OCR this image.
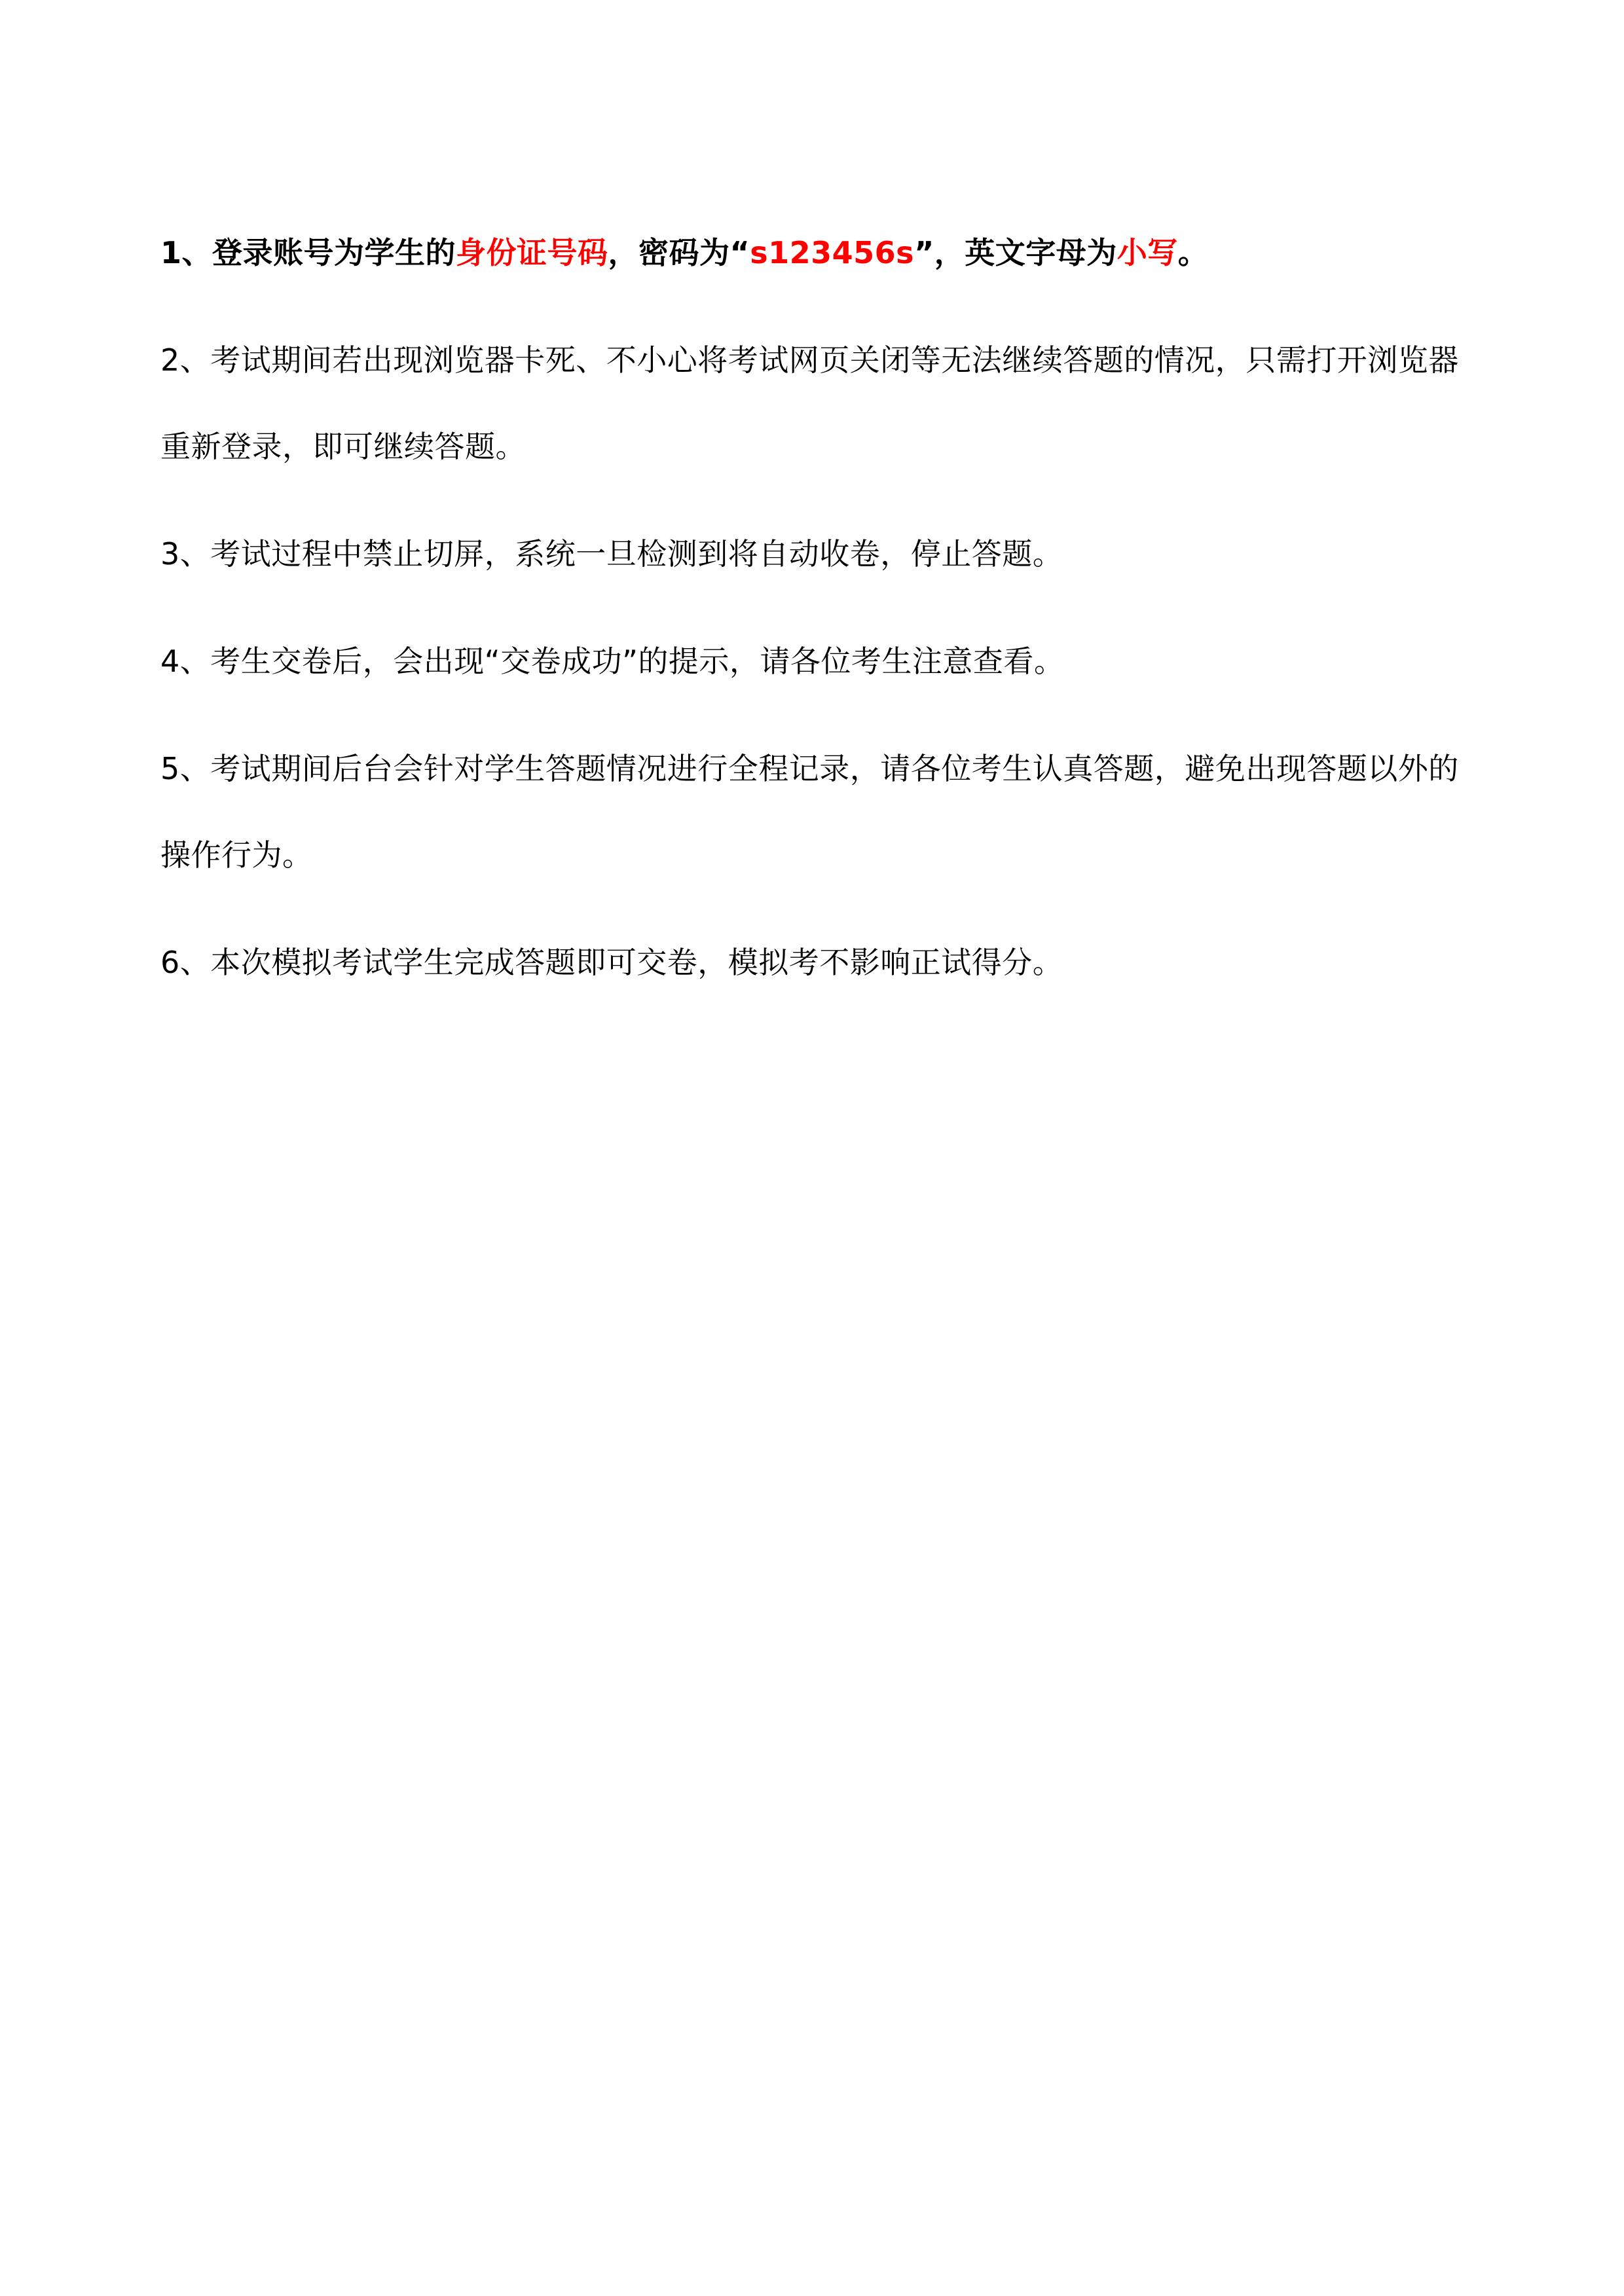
1、登录账号为学生的身份证号码，密码为“s123456s”，英文字母为小写。
2、考试期间若出现浏览器卡死、不小心将考试网页关闭等无法继续答题的情况，只需打开浏览器重新登录，即可继续答题。
3、考试过程中禁止切屏，系统一旦检测到将自动收卷，停止答题。
4、考生交卷后，会出现“交卷成功”的提示，请各位考生注意查看。
5、考试期间后台会针对学生答题情况进行全程记录，请各位考生认真答题，避免出现答题以外的操作行为。
6、本次模拟考试学生完成答题即可交卷，模拟考不影响正试得分。
